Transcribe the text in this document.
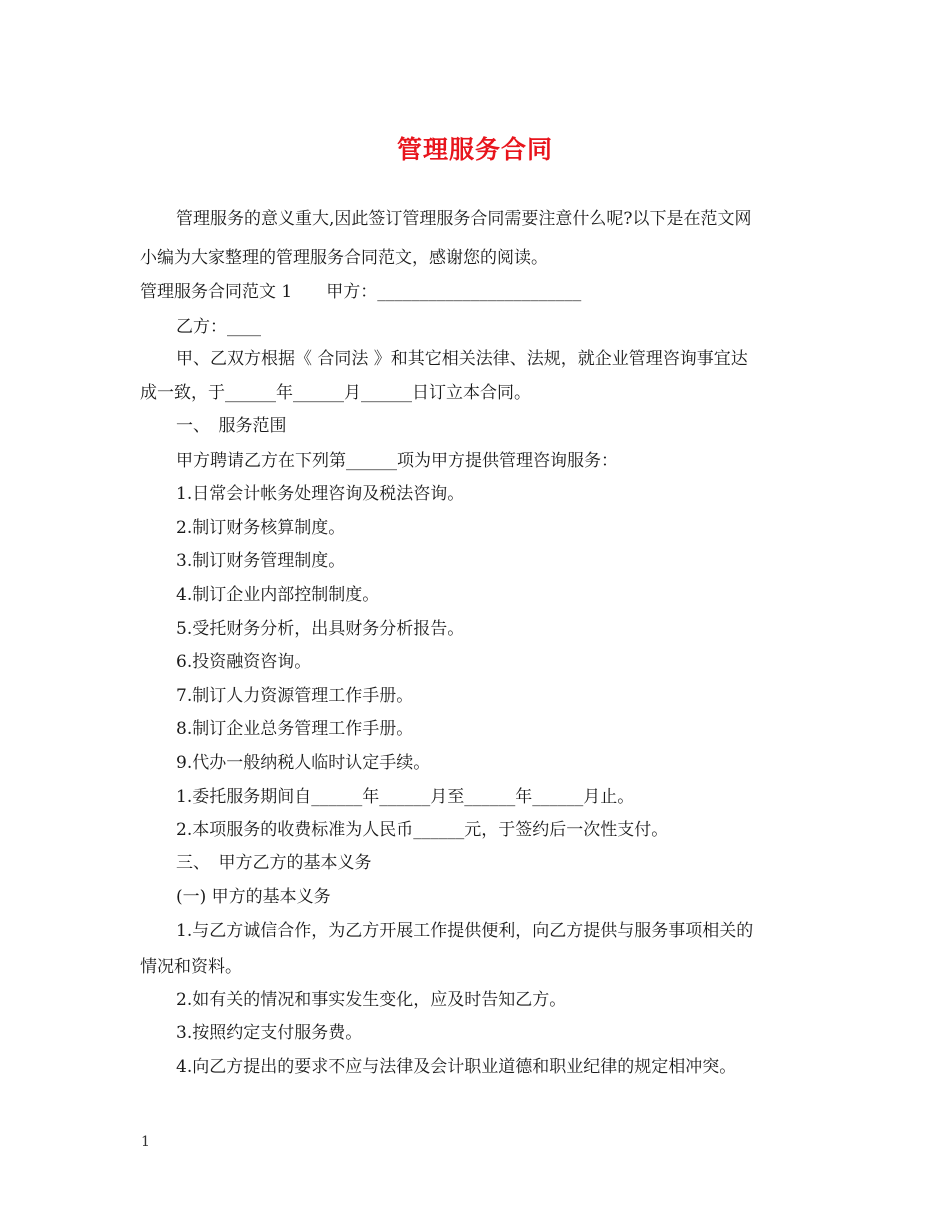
管理服务合同
管理服务的意义重大,因此签订管理服务合同需要注意什么呢?以下是在范文网
小编为大家整理的管理服务合同范文，感谢您的阅读。
管理服务合同范文 1　　甲方：________________________
乙方：____
甲、乙双方根据《 合同法 》和其它相关法律、法规，就企业管理咨询事宜达
成一致，于______年______月______日订立本合同。
一、　服务范围
甲方聘请乙方在下列第______项为甲方提供管理咨询服务：
1.日常会计帐务处理咨询及税法咨询。
2.制订财务核算制度。
3.制订财务管理制度。
4.制订企业内部控制制度。
5.受托财务分析，出具财务分析报告。
6.投资融资咨询。
7.制订人力资源管理工作手册。
8.制订企业总务管理工作手册。
9.代办一般纳税人临时认定手续。
1.委托服务期间自______年______月至______年______月止。
2.本项服务的收费标准为人民币______元，于签约后一次性支付。
三、　甲方乙方的基本义务
(一) 甲方的基本义务
1.与乙方诚信合作，为乙方开展工作提供便利，向乙方提供与服务事项相关的
情况和资料。
2.如有关的情况和事实发生变化，应及时告知乙方。
3.按照约定支付服务费。
4.向乙方提出的要求不应与法律及会计职业道德和职业纪律的规定相冲突。
1
